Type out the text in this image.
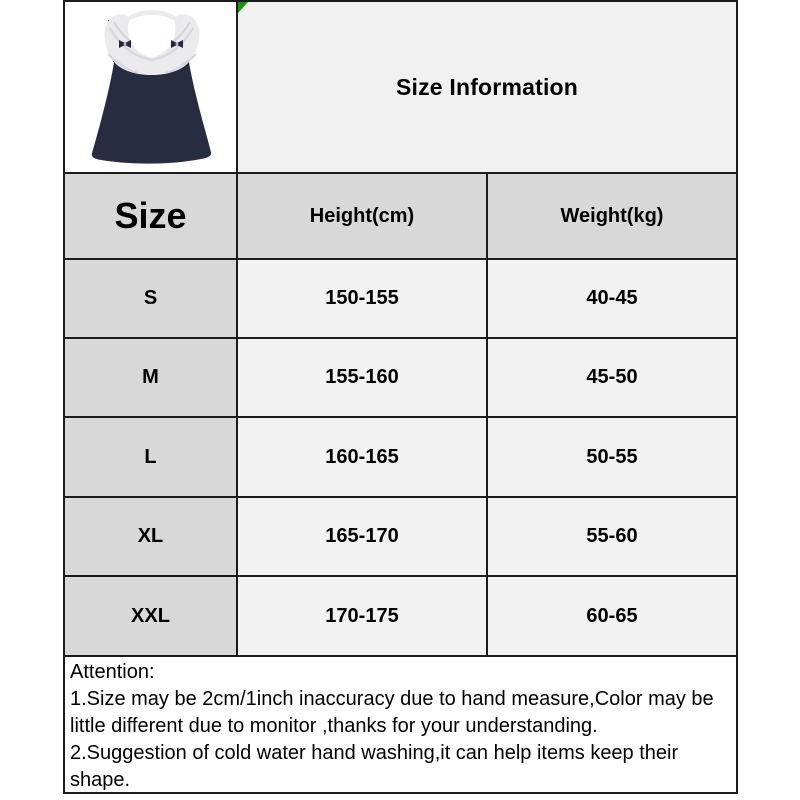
Size Information
Size	Height(cm)	Weight(kg)
S	150-155	40-45
M	155-160	45-50
L	160-165	50-55
XL	165-170	55-60
XXL	170-175	60-65
Attention:
1.Size may be 2cm/1inch inaccuracy due to hand measure,Color may be little different due to monitor ,thanks for your understanding.
2.Suggestion of cold water hand washing,it can help items keep their shape.
